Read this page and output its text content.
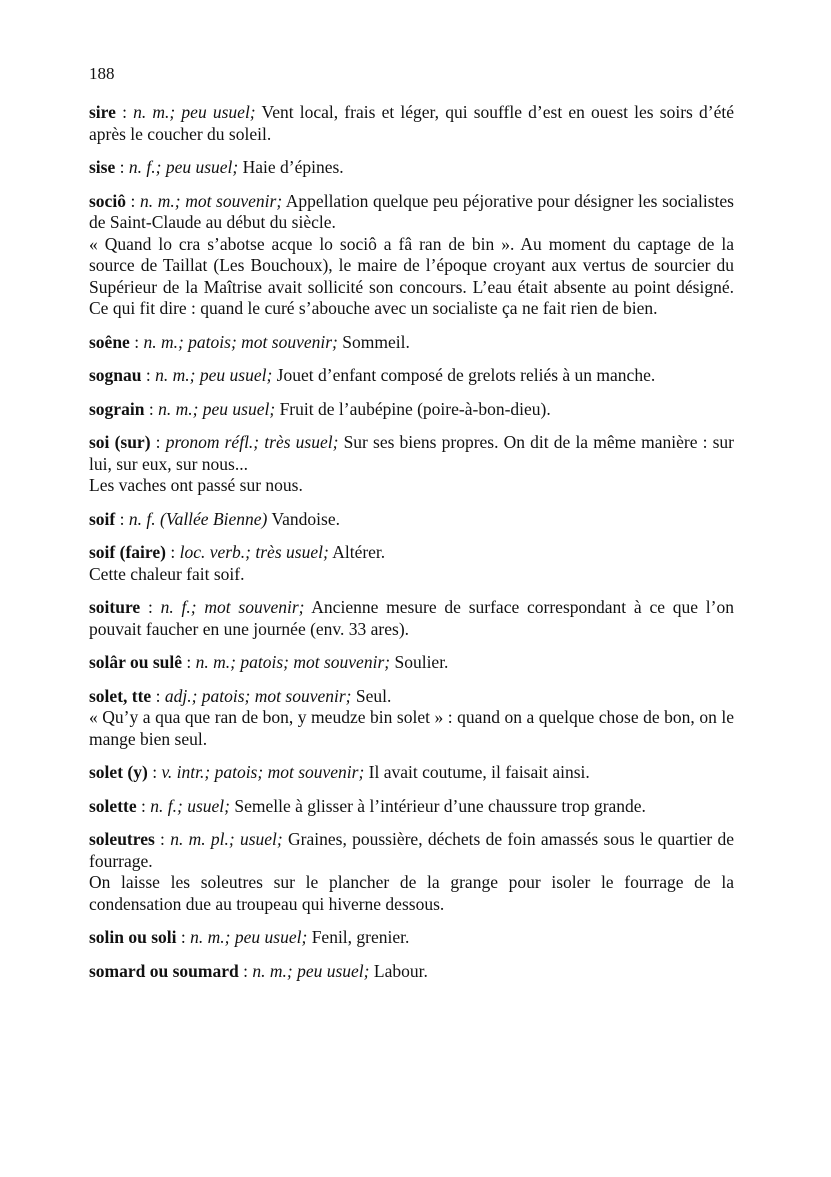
188
sire : n. m.; peu usuel; Vent local, frais et léger, qui souffle d’est en ouest les soirs d’été après le coucher du soleil.
sise : n. f.; peu usuel; Haie d’épines.
sociô : n. m.; mot souvenir; Appellation quelque peu péjorative pour désigner les socialistes de Saint-Claude au début du siècle.
« Quand lo cra s’abotse acque lo sociô a fâ ran de bin ». Au moment du captage de la source de Taillat (Les Bouchoux), le maire de l’époque croyant aux vertus de sourcier du Supérieur de la Maîtrise avait sollicité son concours. L’eau était absente au point désigné. Ce qui fit dire : quand le curé s’abouche avec un socialiste ça ne fait rien de bien.
soêne : n. m.; patois; mot souvenir; Sommeil.
sognau : n. m.; peu usuel; Jouet d’enfant composé de grelots reliés à un manche.
sograin : n. m.; peu usuel; Fruit de l’aubépine (poire-à-bon-dieu).
soi (sur) : pronom réfl.; très usuel; Sur ses biens propres. On dit de la même manière : sur lui, sur eux, sur nous...
Les vaches ont passé sur nous.
soif : n. f. (Vallée Bienne) Vandoise.
soif (faire) : loc. verb.; très usuel; Altérer.
Cette chaleur fait soif.
soiture : n. f.; mot souvenir; Ancienne mesure de surface correspondant à ce que l’on pouvait faucher en une journée (env. 33 ares).
solâr ou sulê : n. m.; patois; mot souvenir; Soulier.
solet, tte : adj.; patois; mot souvenir; Seul.
« Qu’y a qua que ran de bon, y meudze bin solet » : quand on a quelque chose de bon, on le mange bien seul.
solet (y) : v. intr.; patois; mot souvenir; Il avait coutume, il faisait ainsi.
solette : n. f.; usuel; Semelle à glisser à l’intérieur d’une chaussure trop grande.
soleutres : n. m. pl.; usuel; Graines, poussière, déchets de foin amassés sous le quartier de fourrage.
On laisse les soleutres sur le plancher de la grange pour isoler le fourrage de la condensation due au troupeau qui hiverne dessous.
solin ou soli : n. m.; peu usuel; Fenil, grenier.
somard ou soumard : n. m.; peu usuel; Labour.
